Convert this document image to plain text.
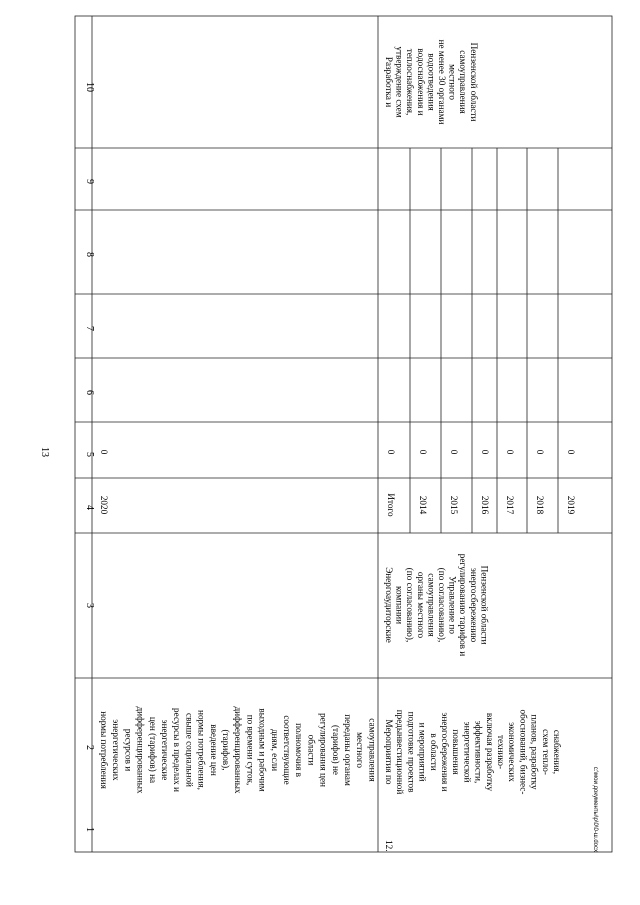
13
1
2
3
4
5
6
7
8
9
10
нормы потребления энергетических ресурсов и дифференцированных цен (тарифов) на энергетические ресурсы в пределах и свыше социальной нормы потребления, введение цен (тарифов), дифференцированных по времени суток, выходным и рабочим дням, если соответствующие полномочия в области регулирования цен (тарифов) не переданы органам местного самоуправления
2020
0
12.
Мероприятия по предынвестиционной подготовке проектов и мероприятий в области энергосбережения и повышения энергетической эффективности, включая разработку технико- экономических обоснований, бизнес- планов, разработку схем тепло- снабжения,
Энергоаудиторские компании (по согласованию), органы местного самоуправления (по согласованию), Управление по регулированию тарифов и энергосбережению Пензенской области
Итого 2014 2015 2016 2017 2018 2019
0 0 0 0 0 0 0
Разработка и утверждение схем теплоснабжения, водоснабжения и водоотведения не менее 30 органами местного самоуправления Пензенской области
c:\мои документы\р\0\0-ш.docx
